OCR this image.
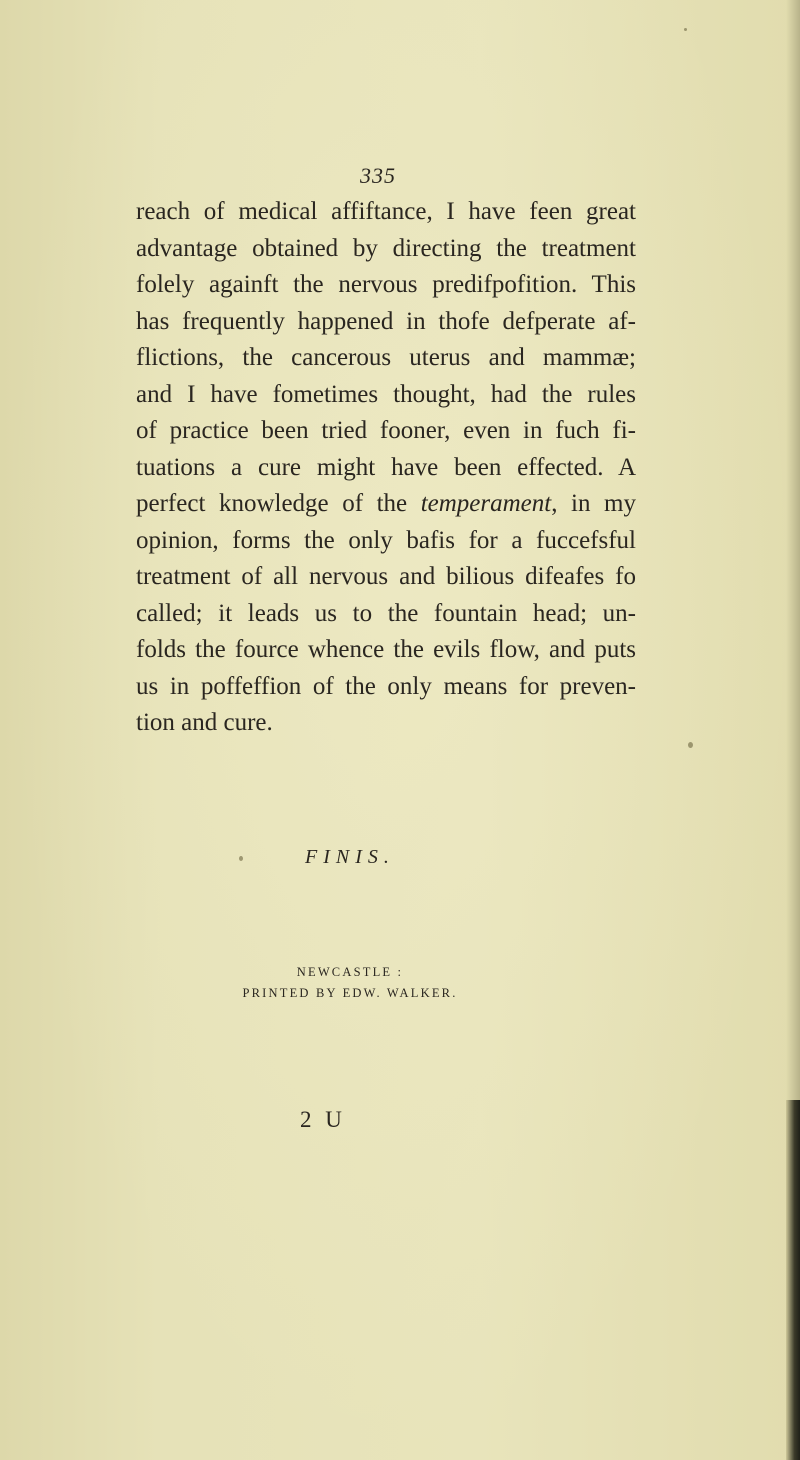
335
reach of medical affiftance, I have feen great
advantage obtained by directing the treatment
folely againft the nervous predifpofition. This
has frequently happened in thofe defperate af-
flictions, the cancerous uterus and mammæ;
and I have fometimes thought, had the rules
of practice been tried fooner, even in fuch fi-
tuations a cure might have been effected. A
perfect knowledge of the temperament, in my
opinion, forms the only bafis for a fuccefsful
treatment of all nervous and bilious difeafes fo
called; it leads us to the fountain head; un-
folds the fource whence the evils flow, and puts
us in poffeffion of the only means for preven-
tion and cure.
FINIS.
NEWCASTLE :
PRINTED BY EDW. WALKER.
2 U
